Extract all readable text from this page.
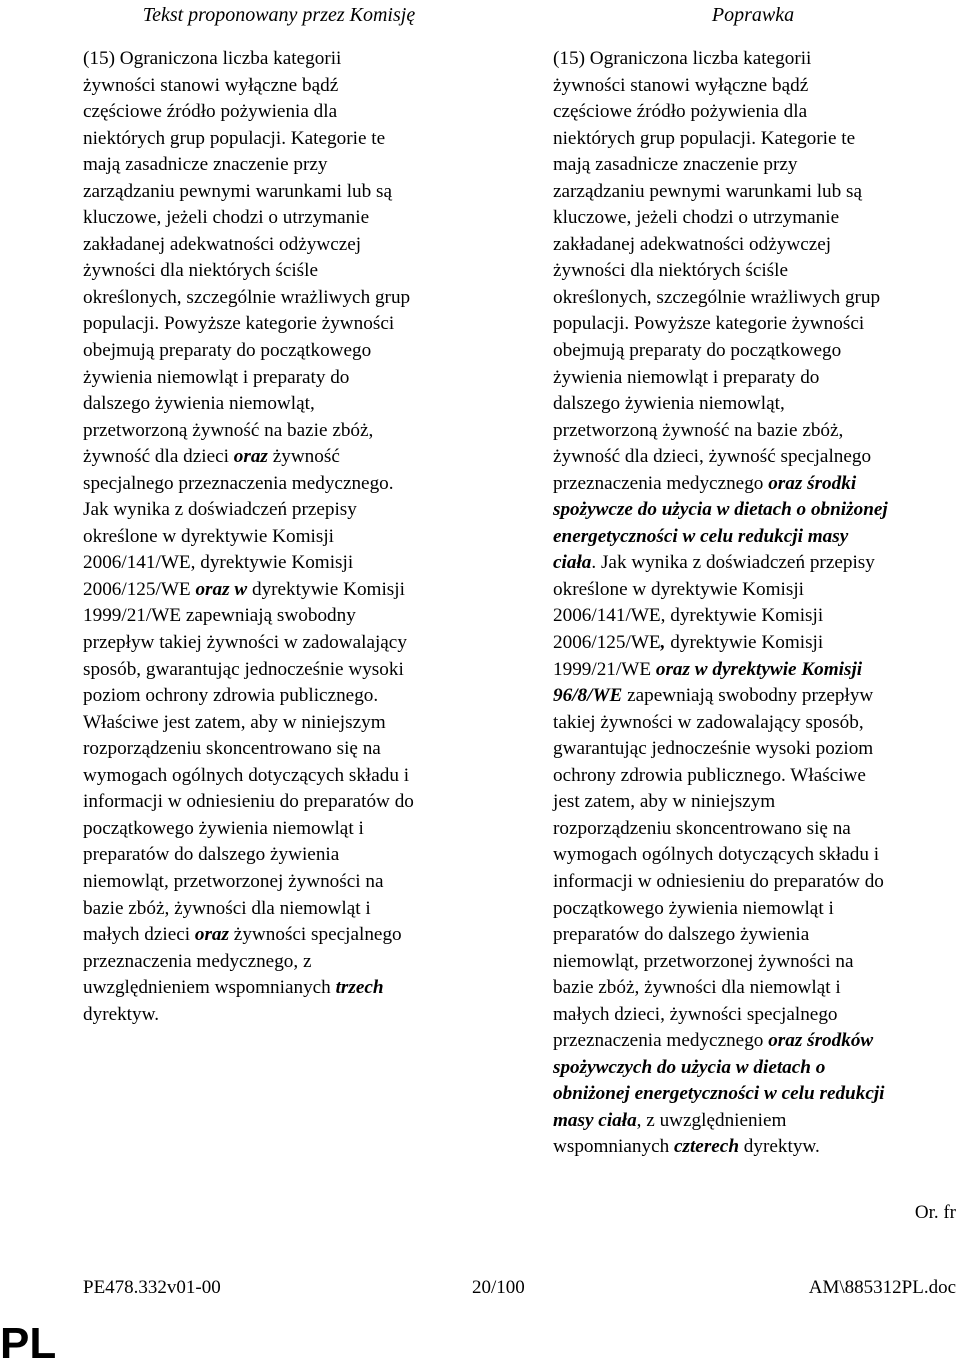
Tekst proponowany przez Komisję	Poprawka
(15) Ograniczona liczba kategorii
żywności stanowi wyłączne bądź
częściowe źródło pożywienia dla
niektórych grup populacji. Kategorie te
mają zasadnicze znaczenie przy
zarządzaniu pewnymi warunkami lub są
kluczowe, jeżeli chodzi o utrzymanie
zakładanej adekwatności odżywczej
żywności dla niektórych ściśle
określonych, szczególnie wrażliwych grup
populacji. Powyższe kategorie żywności
obejmują preparaty do początkowego
żywienia niemowląt i preparaty do
dalszego żywienia niemowląt,
przetworzoną żywność na bazie zbóż,
żywność dla dzieci oraz żywność
specjalnego przeznaczenia medycznego.
Jak wynika z doświadczeń przepisy
określone w dyrektywie Komisji
2006/141/WE, dyrektywie Komisji
2006/125/WE oraz w dyrektywie Komisji
1999/21/WE zapewniają swobodny
przepływ takiej żywności w zadowalający
sposób, gwarantując jednocześnie wysoki
poziom ochrony zdrowia publicznego.
Właściwe jest zatem, aby w niniejszym
rozporządzeniu skoncentrowano się na
wymogach ogólnych dotyczących składu i
informacji w odniesieniu do preparatów do
początkowego żywienia niemowląt i
preparatów do dalszego żywienia
niemowląt, przetworzonej żywności na
bazie zbóż, żywności dla niemowląt i
małych dzieci oraz żywności specjalnego
przeznaczenia medycznego, z
uwzględnieniem wspomnianych trzech
dyrektyw.
(15) Ograniczona liczba kategorii
żywności stanowi wyłączne bądź
częściowe źródło pożywienia dla
niektórych grup populacji. Kategorie te
mają zasadnicze znaczenie przy
zarządzaniu pewnymi warunkami lub są
kluczowe, jeżeli chodzi o utrzymanie
zakładanej adekwatności odżywczej
żywności dla niektórych ściśle
określonych, szczególnie wrażliwych grup
populacji. Powyższe kategorie żywności
obejmują preparaty do początkowego
żywienia niemowląt i preparaty do
dalszego żywienia niemowląt,
przetworzoną żywność na bazie zbóż,
żywność dla dzieci, żywność specjalnego
przeznaczenia medycznego oraz środki
spożywcze do użycia w dietach o obniżonej
energetyczności w celu redukcji masy
ciała. Jak wynika z doświadczeń przepisy
określone w dyrektywie Komisji
2006/141/WE, dyrektywie Komisji
2006/125/WE, dyrektywie Komisji
1999/21/WE oraz w dyrektywie Komisji
96/8/WE zapewniają swobodny przepływ
takiej żywności w zadowalający sposób,
gwarantując jednocześnie wysoki poziom
ochrony zdrowia publicznego. Właściwe
jest zatem, aby w niniejszym
rozporządzeniu skoncentrowano się na
wymogach ogólnych dotyczących składu i
informacji w odniesieniu do preparatów do
początkowego żywienia niemowląt i
preparatów do dalszego żywienia
niemowląt, przetworzonej żywności na
bazie zbóż, żywności dla niemowląt i
małych dzieci, żywności specjalnego
przeznaczenia medycznego oraz środków
spożywczych do użycia w dietach o
obniżonej energetyczności w celu redukcji
masy ciała, z uwzględnieniem
wspomnianych czterech dyrektyw.
Or. fr
PE478.332v01-00	20/100	AM\885312PL.doc
PL
